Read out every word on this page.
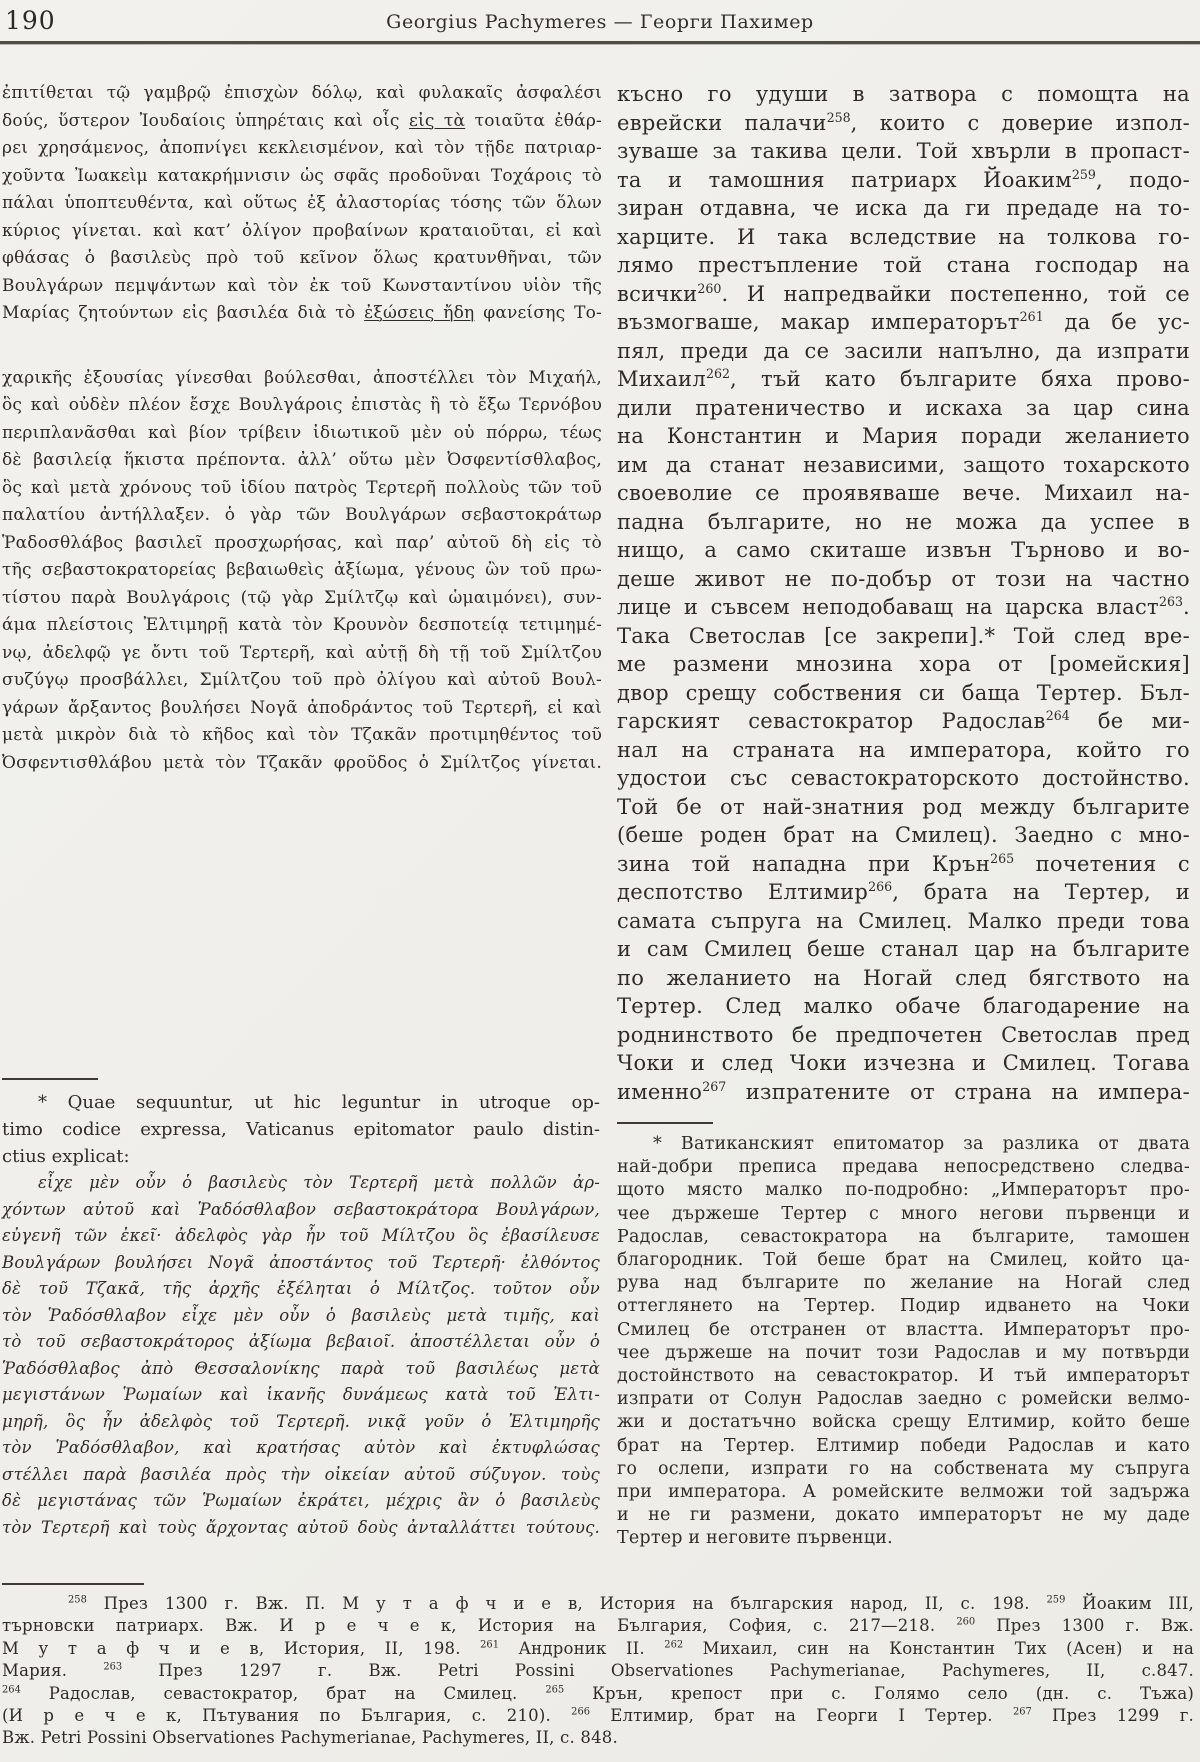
190	Georgius Pachymeres — Георги Пахимер
ἐπιτίθεται τῷ γαμβρῷ ἐπισχὼν δόλῳ, καὶ φυλακαῖς ἀσφαλέσι
δούς, ὕστερον Ἰουδαίοις ὑπηρέταις καὶ οἷς εἰς τὰ τοιαῦτα ἐθάρ-
ρει χρησάμενος, ἀποπνίγει κεκλεισμένον, καὶ τὸν τῇδε πατριαρ-
χοῦντα Ἰωακεὶμ κατακρήμνισιν ὡς σφᾶς προδοῦναι Τοχάροις τὸ
πάλαι ὑποπτευθέντα, καὶ οὕτως ἐξ ἀλαστορίας τόσης τῶν ὅλων
κύριος γίνεται. καὶ κατ’ ὀλίγον προβαίνων κραταιοῦται, εἰ καὶ
φθάσας ὁ βασιλεὺς πρὸ τοῦ κεῖνον ὅλως κρατυνθῆναι, τῶν
Βουλγάρων πεμψάντων καὶ τὸν ἐκ τοῦ Κωνσταντίνου υἱὸν τῆς
Μαρίας ζητούντων εἰς βασιλέα διὰ τὸ ἐξώσεις ἤδη φανείσης Το-
χαρικῆς ἐξουσίας γίνεσθαι βούλεσθαι, ἀποστέλλει τὸν Μιχαήλ,
ὃς καὶ οὐδὲν πλέον ἔσχε Βουλγάροις ἐπιστὰς ἢ τὸ ἔξω Τερνόβου
περιπλανᾶσθαι καὶ βίον τρίβειν ἰδιωτικοῦ μὲν οὐ πόρρω, τέως
δὲ βασιλείᾳ ἥκιστα πρέποντα. ἀλλ’ οὕτω μὲν Ὀσφεντίσθλαβος,
ὃς καὶ μετὰ χρόνους τοῦ ἰδίου πατρὸς Τερτερῆ πολλοὺς τῶν τοῦ
παλατίου ἀντήλλαξεν. ὁ γὰρ τῶν Βουλγάρων σεβαστοκράτωρ
Ῥαδοσθλάβος βασιλεῖ προσχωρήσας, καὶ παρ’ αὐτοῦ δὴ εἰς τὸ
τῆς σεβαστοκρατορείας βεβαιωθεὶς ἀξίωμα, γένους ὢν τοῦ πρω-
τίστου παρὰ Βουλγάροις (τῷ γὰρ Σμίλτζῳ καὶ ὡμαιμόνει), συν-
άμα πλείστοις Ἐλτιμηρῇ κατὰ τὸν Κρουνὸν δεσποτείᾳ τετιμημέ-
νῳ, ἀδελφῷ γε ὄντι τοῦ Τερτερῆ, καὶ αὐτῇ δὴ τῇ τοῦ Σμίλτζου
συζύγῳ προσβάλλει, Σμίλτζου τοῦ πρὸ ὀλίγου καὶ αὐτοῦ Βουλ-
γάρων ἄρξαντος βουλήσει Νογᾶ ἀποδράντος τοῦ Τερτερῆ, εἰ καὶ
μετὰ μικρὸν διὰ τὸ κῆδος καὶ τὸν Τζακᾶν προτιμηθέντος τοῦ
Ὀσφεντισθλάβου μετὰ τὸν Τζακᾶν φροῦδος ὁ Σμίλτζος γίνεται.
късно го удуши в затвора с помощта на
еврейски палачи$^{258}$, които с доверие изпол-
зуваше за такива цели. Той хвърли в пропаст-
та и тамошния патриарх Йоаким$^{259}$, подо-
зиран отдавна, че иска да ги предаде на то-
харците. И така вследствие на толкова го-
лямо престъпление той стана господар на
всички$^{260}$. И напредвайки постепенно, той се
възмогваше, макар императорът$^{261}$ да бе ус-
пял, преди да се засили напълно, да изпрати
Михаил$^{262}$, тъй като българите бяха прово-
дили пратеничество и искаха за цар сина
на Константин и Мария поради желанието
им да станат независими, защото тохарското
своеволие се проявяваше вече. Михаил на-
падна българите, но не можа да успее в
нищо, а само скиташе извън Търново и во-
деше живот не по-добър от този на частно
лице и съвсем неподобаващ на царска власт$^{263}$.
Така Светослав [се закрепи].* Той след вре-
ме размени мнозина хора от [ромейския]
двор срещу собствения си баща Тертер. Бъл-
гарският севастократор Радослав$^{264}$ бе ми-
нал на страната на императора, който го
удостои със севастократорското достойнство.
Той бе от най-знатния род между българите
(беше роден брат на Смилец). Заедно с мно-
зина той нападна при Крън$^{265}$ почетения с
деспотство Елтимир$^{266}$, брата на Тертер, и
самата съпруга на Смилец. Малко преди това
и сам Смилец беше станал цар на българите
по желанието на Ногай след бягството на
Тертер. След малко обаче благодарение на
роднинството бе предпочетен Светослав пред
Чоки и след Чоки изчезна и Смилец. Тогава
именно$^{267}$ изпратените от страна на импера-
* Quae sequuntur, ut hic leguntur in utroque op-
timo codice expressa, Vaticanus epitomator paulo distin-
ctius explicat:
εἶχε μὲν οὖν ὁ βασιλεὺς τὸν Τερτερῆ μετὰ πολλῶν ἀρ-
χόντων αὐτοῦ καὶ Ῥαδόσθλαβον σεβαστοκράτορα Βουλγάρων,
εὐγενῆ τῶν ἐκεῖ· ἀδελφὸς γὰρ ἦν τοῦ Μίλτζου ὃς ἐβασίλευσε
Βουλγάρων βουλήσει Νογᾶ ἀποστάντος τοῦ Τερτερῆ· ἐλθόντος
δὲ τοῦ Τζακᾶ, τῆς ἀρχῆς ἐξέληται ὁ Μίλτζος. τοῦτον οὖν
τὸν Ῥαδόσθλαβον εἶχε μὲν οὖν ὁ βασιλεὺς μετὰ τιμῆς, καὶ
τὸ τοῦ σεβαστοκράτορος ἀξίωμα βεβαιοῖ. ἀποστέλλεται οὖν ὁ
Ῥαδόσθλαβος ἀπὸ Θεσσαλονίκης παρὰ τοῦ βασιλέως μετὰ
μεγιστάνων Ῥωμαίων καὶ ἱκανῆς δυνάμεως κατὰ τοῦ Ἐλτι-
μηρῆ, ὃς ἦν ἀδελφὸς τοῦ Τερτερῆ. νικᾷ γοῦν ὁ Ἐλτιμηρῆς
τὸν Ῥαδόσθλαβον, καὶ κρατήσας αὐτὸν καὶ ἐκτυφλώσας
στέλλει παρὰ βασιλέα πρὸς τὴν οἰκείαν αὐτοῦ σύζυγον. τοὺς
δὲ μεγιστάνας τῶν Ῥωμαίων ἐκράτει, μέχρις ἂν ὁ βασιλεὺς
τὸν Τερτερῆ καὶ τοὺς ἄρχοντας αὐτοῦ δοὺς ἀνταλλάττει τούτους.
* Ватиканският епитоматор за разлика от двата
най-добри преписа предава непосредствено следва-
щото място малко по-подробно: „Императорът про-
чее държеше Тертер с много негови първенци и
Радослав, севастократора на българите, тамошен
благородник. Той беше брат на Смилец, който ца-
рува над българите по желание на Ногай след
оттеглянето на Тертер. Подир идването на Чоки
Смилец бе отстранен от властта. Императорът про-
чее държеше на почит този Радослав и му потвърди
достойнството на севастократор. И тъй императорът
изпрати от Солун Радослав заедно с ромейски велмо-
жи и достатъчно войска срещу Елтимир, който беше
брат на Тертер. Елтимир победи Радослав и като
го ослепи, изпрати го на собствената му съпруга
при императора. А ромейските велможи той задържа
и не ги размени, докато императорът не му даде
Тертер и неговите първенци.
$^{258}$ През 1300 г. Вж. П. М у т а ф ч и е в, История на българския народ, II, с. 198. $^{259}$ Йоаким III,
търновски патриарх. Вж. И р е ч е к, История на България, София, с. 217—218. $^{260}$ През 1300 г. Вж.
М у т а ф ч и е в, История, II, 198. $^{261}$ Андроник II. $^{262}$ Михаил, син на Константин Тих (Асен) и на
Мария. $^{263}$ През 1297 г. Вж. Petri Possini Observationes Pachymerianae, Pachymeres, II, с.847.
$^{264}$ Радослав, севастократор, брат на Смилец. $^{265}$ Крън, крепост при с. Голямо село (дн. с. Тъжа)
(И р е ч е к, Пътувания по България, с. 210). $^{266}$ Елтимир, брат на Георги I Тертер. $^{267}$ През 1299 г.
Вж. Petri Possini Observationes Pachymerianae, Pachymeres, II, с. 848.
